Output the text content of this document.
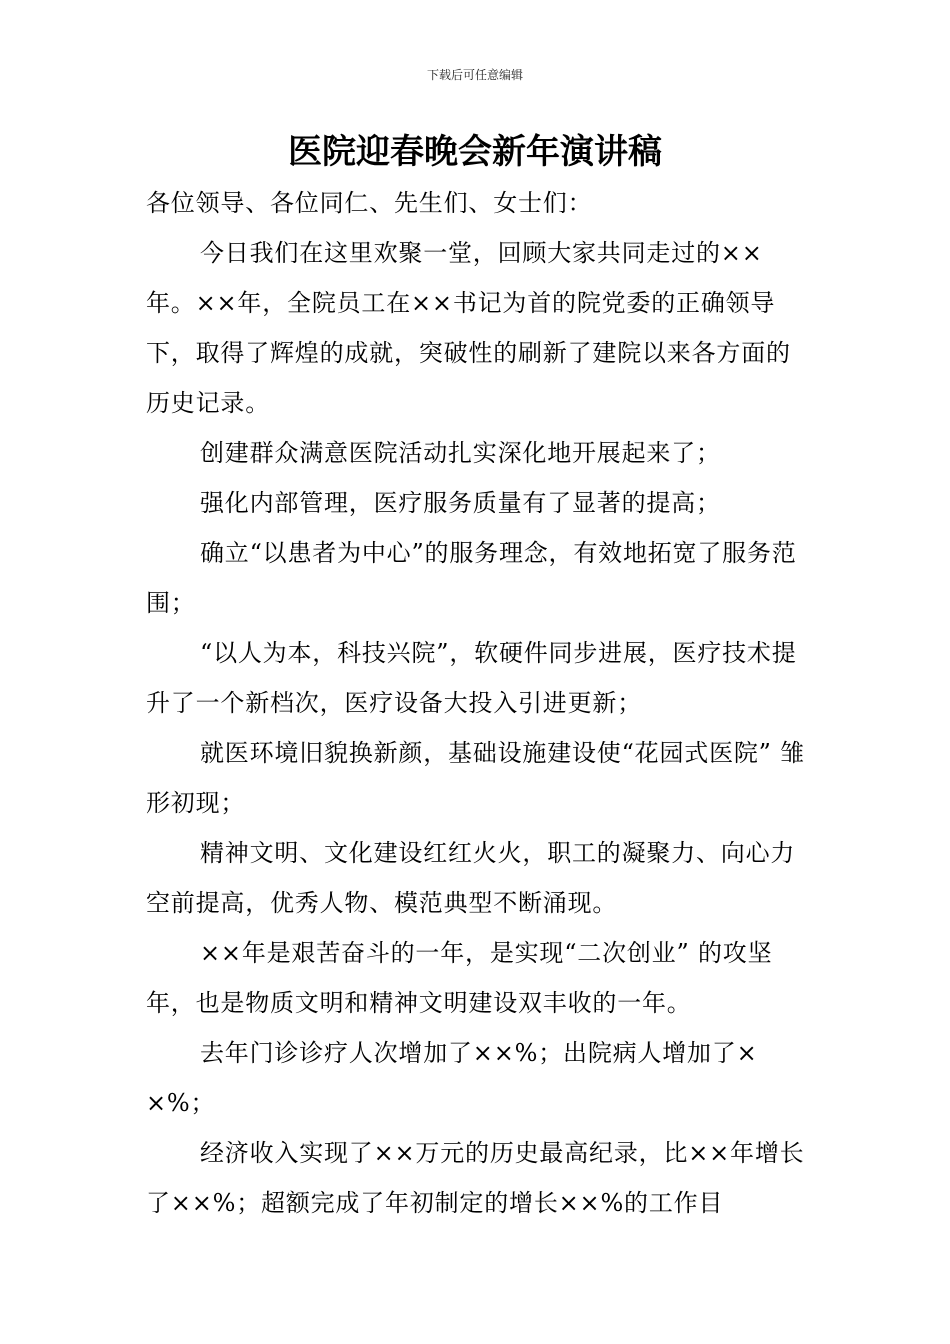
下载后可任意编辑
医院迎春晚会新年演讲稿

各位领导、各位同仁、先生们、女士们：

今日我们在这里欢聚一堂，回顾大家共同走过的××年。××年，全院员工在××书记为首的院党委的正确领导下，取得了辉煌的成就，突破性的刷新了建院以来各方面的历史记录。

创建群众满意医院活动扎实深化地开展起来了；

强化内部管理，医疗服务质量有了显著的提高；

确立“以患者为中心”的服务理念，有效地拓宽了服务范围；

“以人为本，科技兴院”，软硬件同步进展，医疗技术提升了一个新档次，医疗设备大投入引进更新；

就医环境旧貌换新颜，基础设施建设使“花园式医院” 雏形初现；

精神文明、文化建设红红火火，职工的凝聚力、向心力空前提高，优秀人物、模范典型不断涌现。

××年是艰苦奋斗的一年，是实现“二次创业” 的攻坚年，也是物质文明和精神文明建设双丰收的一年。

去年门诊诊疗人次增加了××%；出院病人增加了××%；

经济收入实现了××万元的历史最高纪录，比××年增长了××%；超额完成了年初制定的增长××%的工作目
